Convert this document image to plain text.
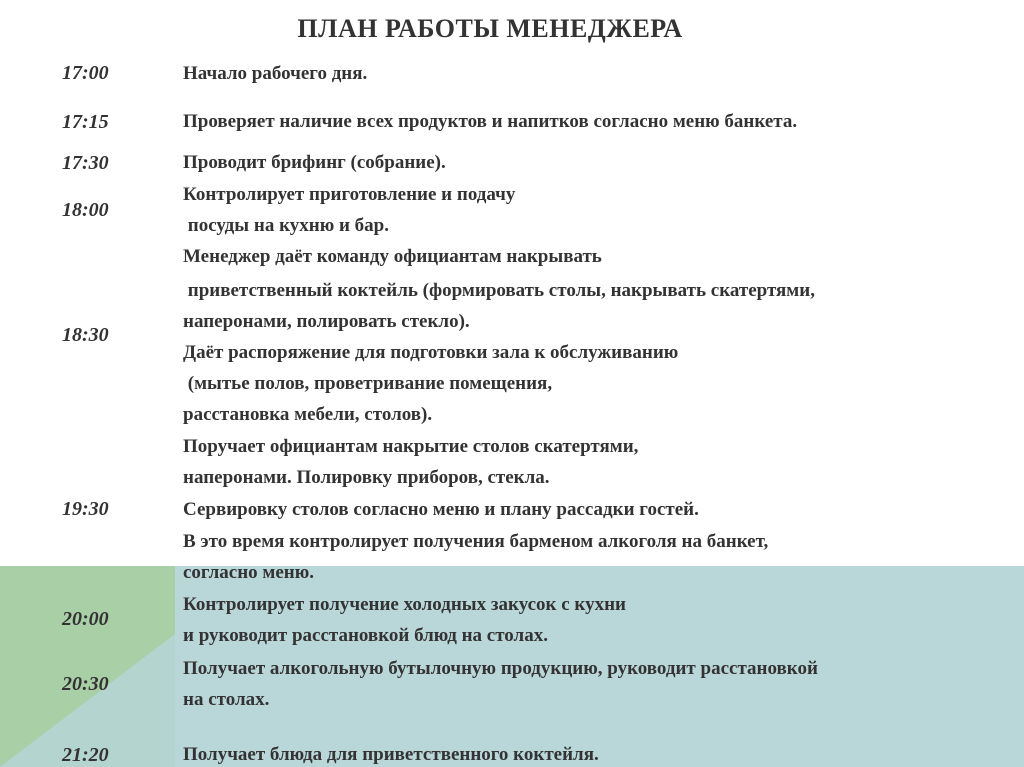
ПЛАН РАБОТЫ МЕНЕДЖЕРА
17:00
17:15
17:30
18:00
18:30
19:30
20:00
20:30
21:20
Начало рабочего дня.
Проверяет наличие всех продуктов и напитков согласно меню банкета.
Проводит брифинг (собрание).
Контролирует приготовление и подачу
посуды на кухню и бар.
Менеджер даёт команду официантам накрывать
приветственный коктейль (формировать столы, накрывать скатертями,
наперонами, полировать стекло).
Даёт распоряжение для подготовки зала к обслуживанию
(мытье полов, проветривание помещения,
расстановка мебели, столов).
Поручает официантам накрытие столов скатертями,
наперонами. Полировку приборов, стекла.
Сервировку столов согласно меню и плану рассадки гостей.
В это время контролирует получения барменом алкоголя на банкет,
согласно меню.
Контролирует получение холодных закусок с кухни
и руководит расстановкой блюд на столах.
Получает алкогольную бутылочную продукцию, руководит расстановкой
на столах.
Получает блюда для приветственного коктейля.
